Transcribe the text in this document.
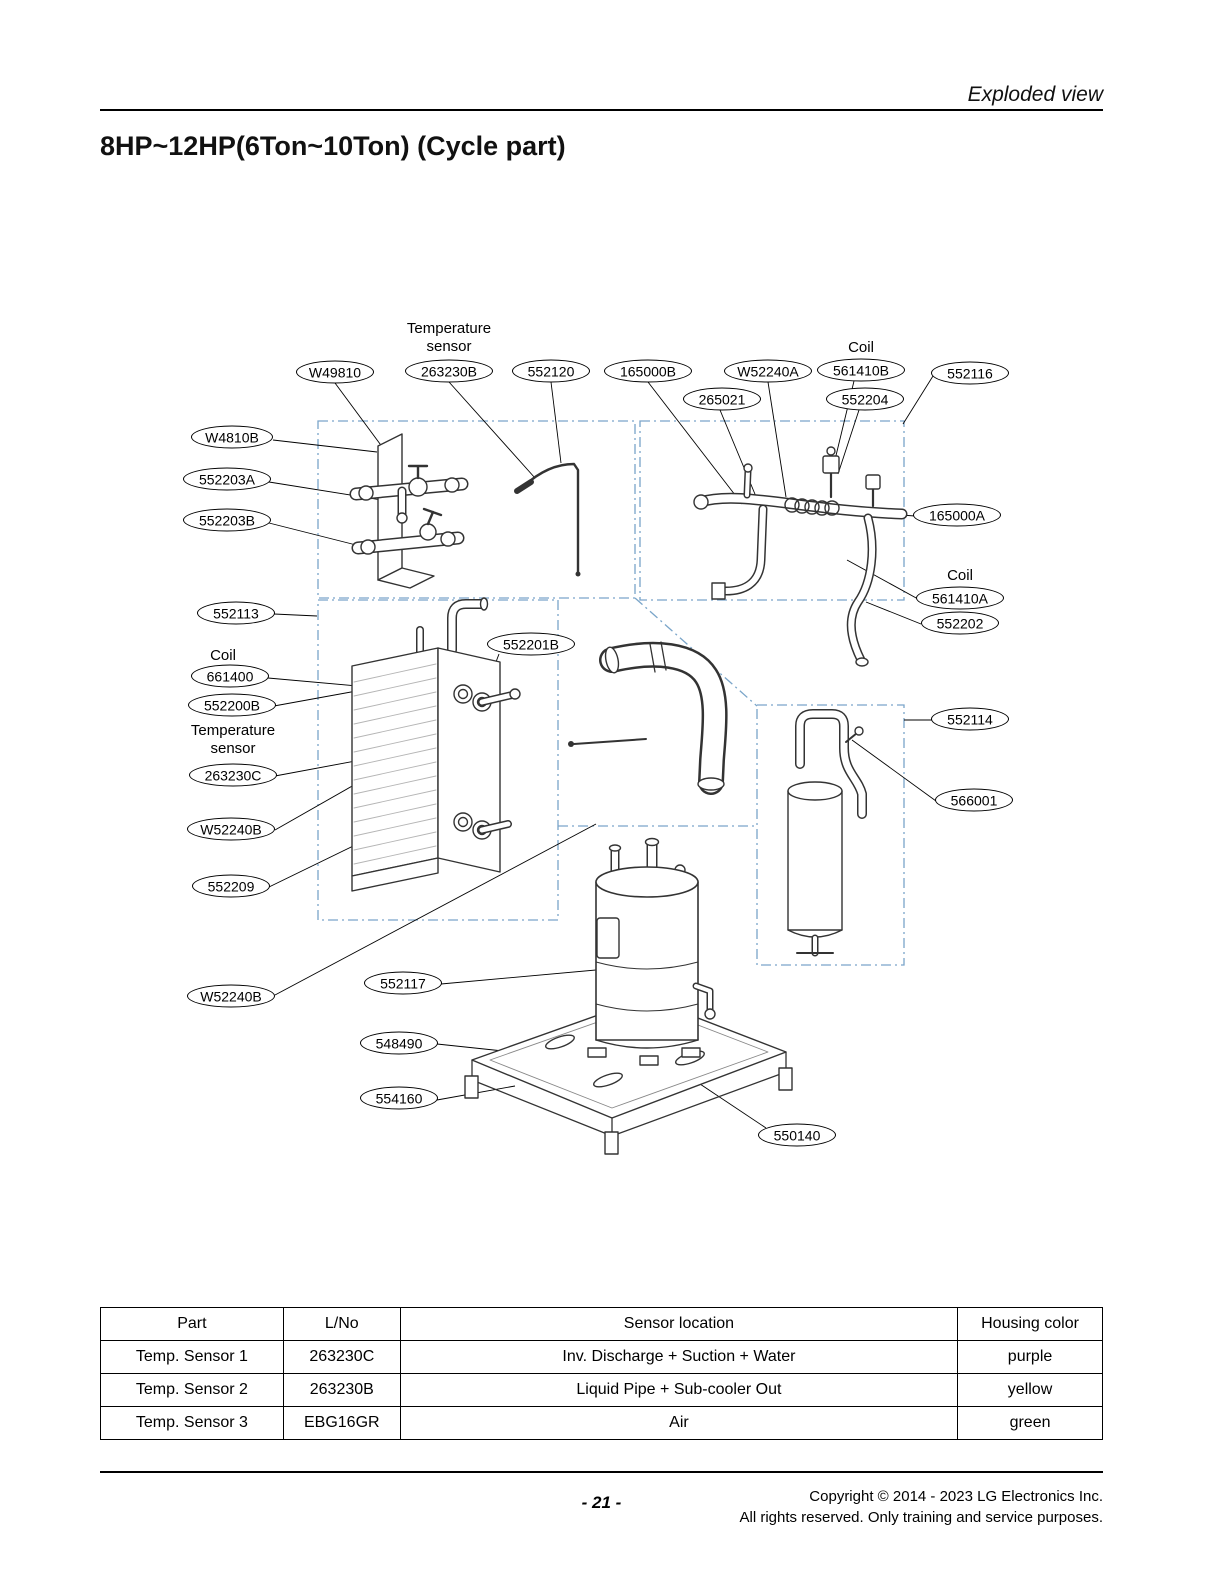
Exploded view
8HP~12HP(6Ton~10Ton) (Cycle part)
Temperature sensor	Coil
Coil
Temperature sensor
Coil
W49810	263230B	552120	165000B	W52240A	561410B	552116
265021	552204
W4810B
552203A
552203B
552113
661400
552200B
263230C
W52240B
552209
W52240B
552201B
552117
548490
554160
550140
165000A
561410A
552202
552114
566001
Part	L/No	Sensor location	Housing color
Temp. Sensor 1	263230C	Inv. Discharge + Suction + Water	purple
Temp. Sensor 2	263230B	Liquid Pipe + Sub-cooler Out	yellow
Temp. Sensor 3	EBG16GR	Air	green
- 21 -	Copyright © 2014 - 2023 LG Electronics Inc.
All rights reserved. Only training and service purposes.
